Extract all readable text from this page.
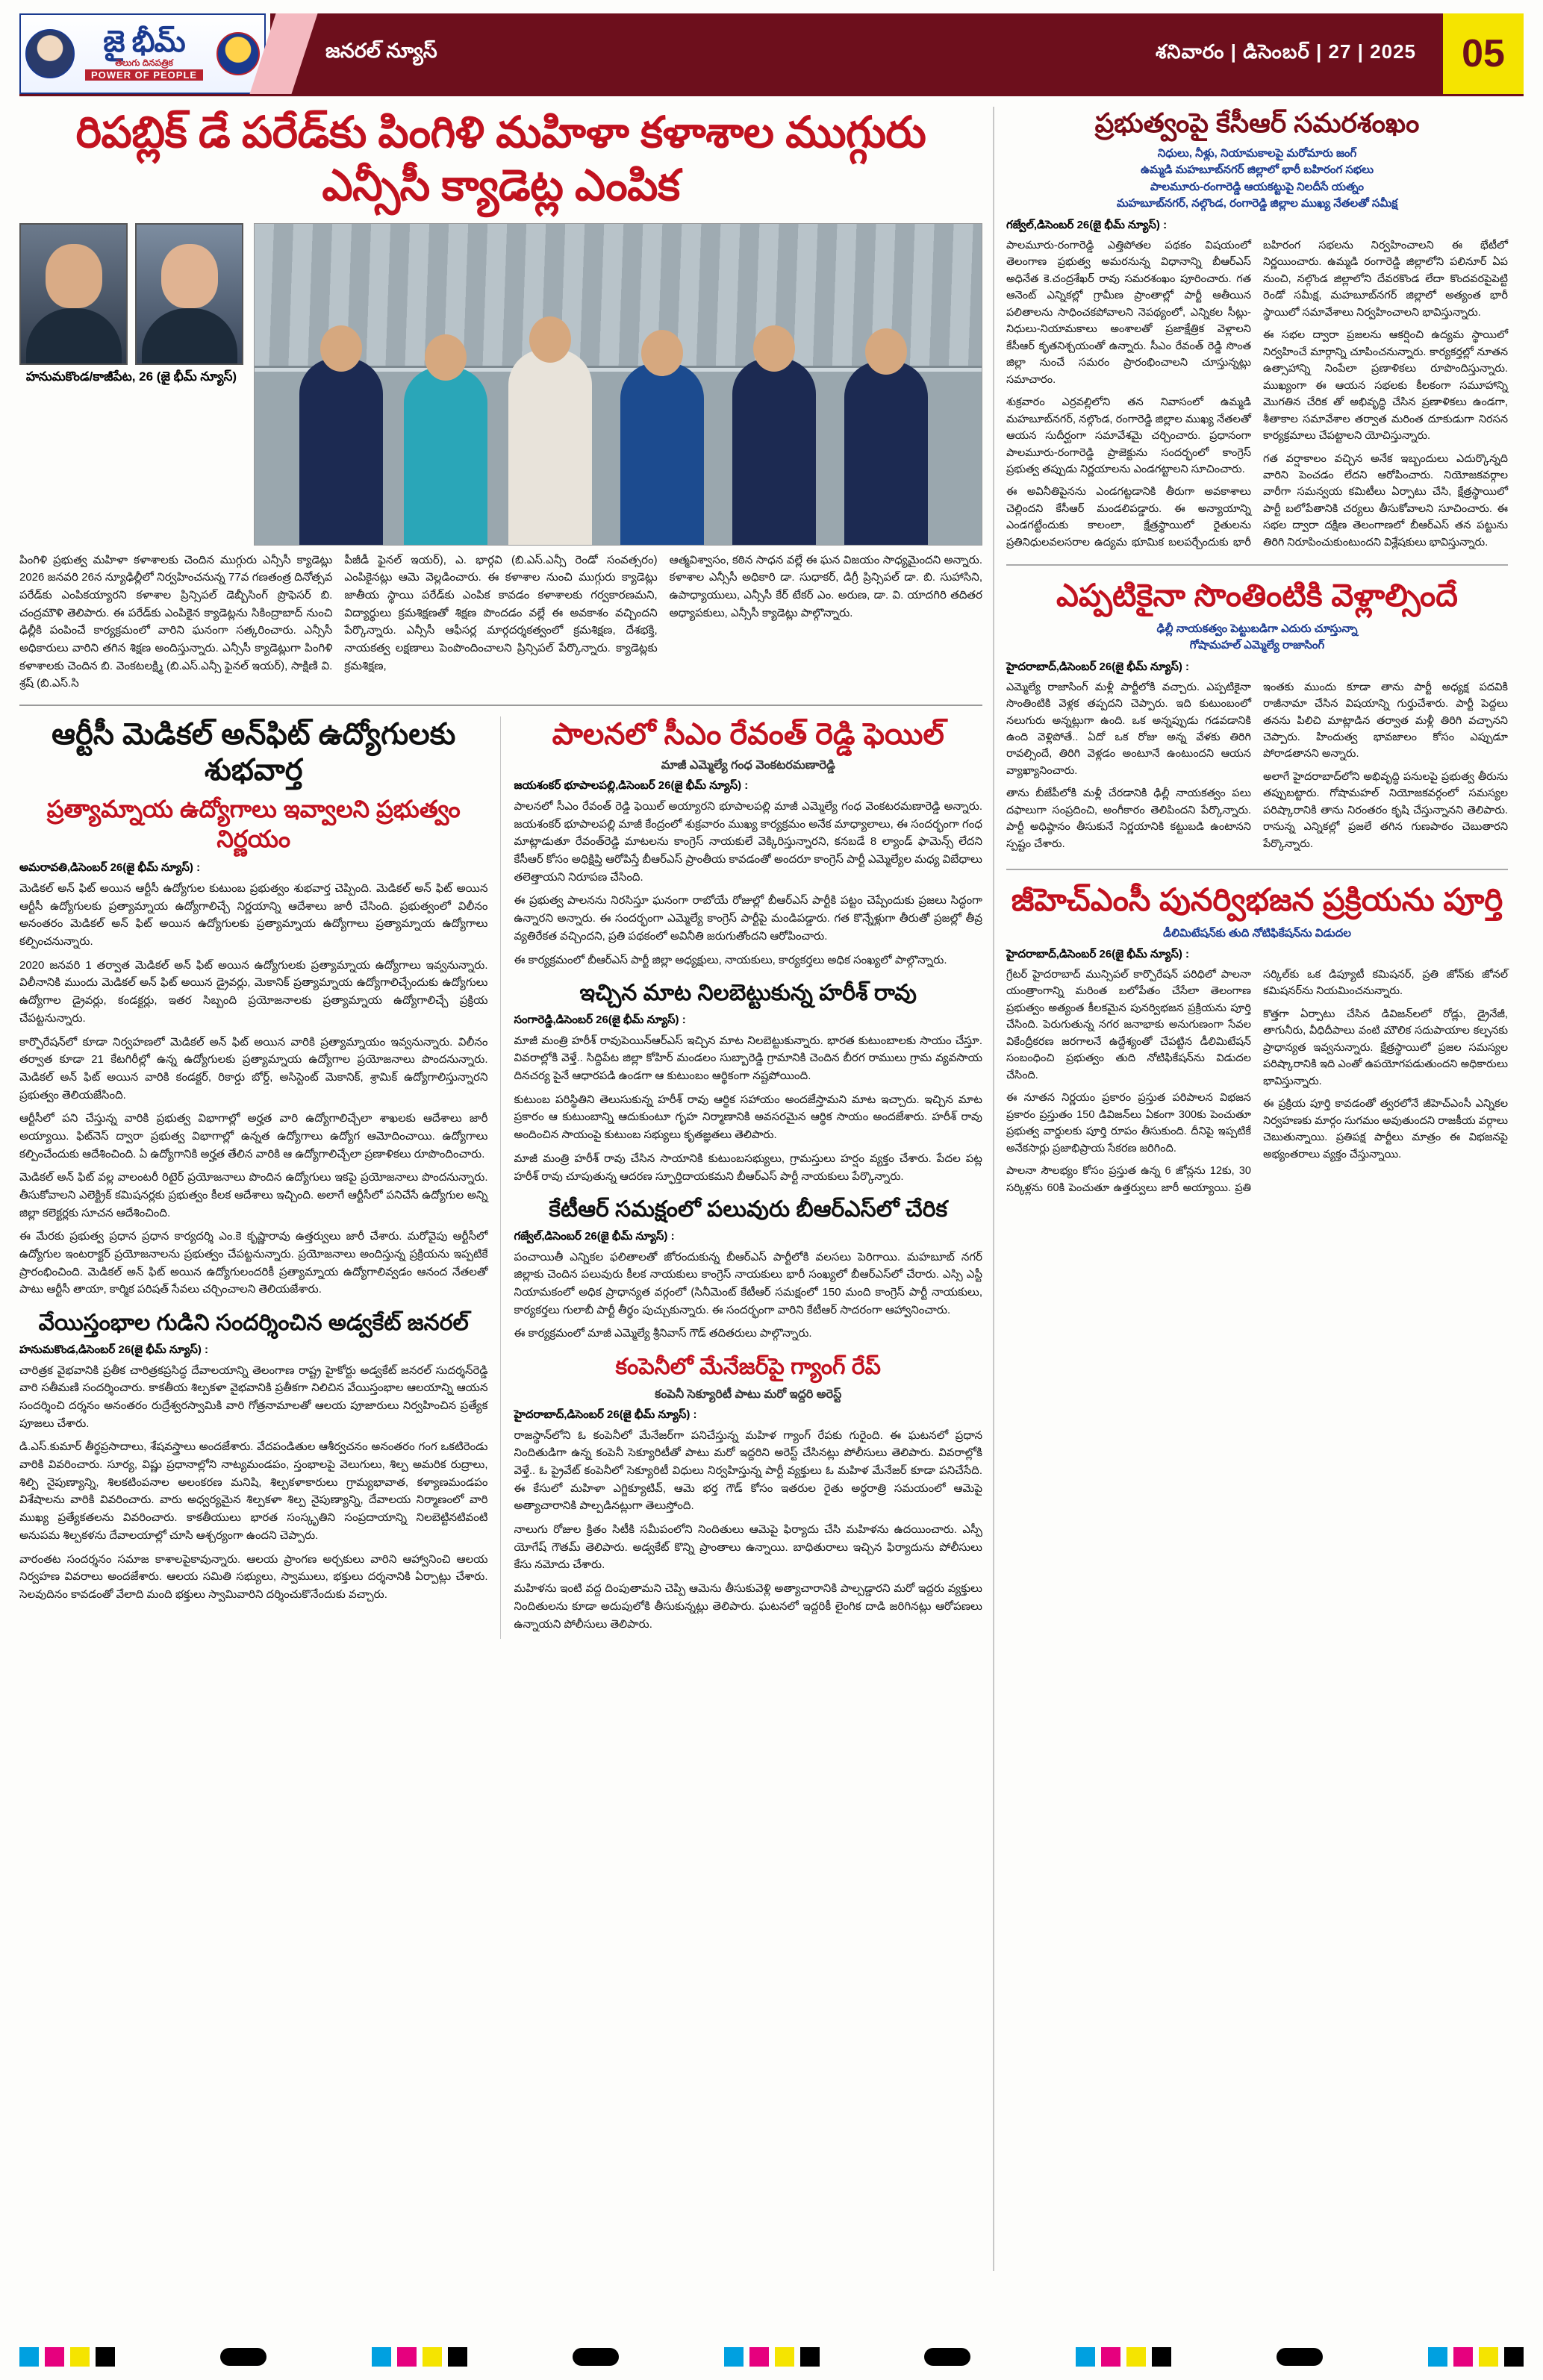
జై భీమ్
తెలుగు దినపత్రిక
POWER OF PEOPLE
జనరల్ న్యూస్	శనివారం | డిసెంబర్ | 27 | 2025	05
రిపబ్లిక్ డే పరేడ్‌కు పింగిళి మహిళా కళాశాల ముగ్గురు ఎన్సీసీ క్యాడెట్ల ఎంపిక
హనుమకొండ/కాజీపేట, 26 (జై భీమ్ న్యూస్)
పింగిళి ప్రభుత్వ మహిళా కళాశాలకు చెందిన ముగ్గురు ఎన్సీసీ క్యాడెట్లు 2026 జనవరి 26న న్యూఢిల్లీలో నిర్వహించనున్న 77వ గణతంత్ర దినోత్సవ పరేడ్‌కు ఎంపికయ్యారని కళాశాల ప్రిన్సిపల్ డెబ్బీసింగ్ ప్రొఫెసర్ బి. చంద్రమౌళి తెలిపారు. ఈ పరేడ్‌కు ఎంపికైన క్యాడెట్లను సికింద్రాబాద్ నుంచి ఢిల్లీకి పంపించే కార్యక్రమంలో వారిని ఘనంగా సత్కరించారు. ఎన్సీసీ అధికారులు వారిని తగిన శిక్షణ అందిస్తున్నారు. ఎన్సీసీ క్యాడెట్లుగా పింగిళి కళాశాలకు చెందిన బి. వెంకటలక్ష్మి (బి.ఎస్.ఎన్సీ ఫైనల్ ఇయర్), సాక్షిణి వి. శ్రష్ (బి.ఎస్.సి
పీజీడీ ఫైనల్ ఇయర్), ఎ. భార్గవి (బి.ఎస్.ఎన్సీ రెండో సంవత్సరం) ఎంపికైనట్లు ఆమె వెల్లడించారు. ఈ కళాశాల నుంచి ముగ్గురు క్యాడెట్లు జాతీయ స్థాయి పరేడ్‌కు ఎంపిక కావడం కళాశాలకు గర్వకారణమని, విద్యార్థులు క్రమశిక్షణతో శిక్షణ పొందడం వల్లే ఈ అవకాశం వచ్చిందని పేర్కొన్నారు. ఎన్సీసీ ఆఫీసర్ల మార్గదర్శకత్వంలో క్రమశిక్షణ, దేశభక్తి, నాయకత్వ లక్షణాలు పెంపొందించాలని ప్రిన్సిపల్ పేర్కొన్నారు. క్యాడెట్లకు క్రమశిక్షణ,
ఆత్మవిశ్వాసం, కఠిన సాధన వల్లే ఈ ఘన విజయం సాధ్యమైందని అన్నారు. కళాశాల ఎన్సీసీ అధికారి డా. సుధాకర్, డిగ్రీ ప్రిన్సిపల్ డా. బి. సుహాసిని, ఉపాధ్యాయులు, ఎన్సీసీ కేర్ టేకర్ ఎం. అరుణ, డా. వి. యాదగిరి తదితర అధ్యాపకులు, ఎన్సీసీ క్యాడెట్లు పాల్గొన్నారు.
ఆర్టీసీ మెడికల్ అన్‌ఫిట్ ఉద్యోగులకు శుభవార్త
ప్రత్యామ్నాయ ఉద్యోగాలు ఇవ్వాలని ప్రభుత్వం నిర్ణయం
అమరావతి,డిసెంబర్ 26(జై భీమ్ న్యూస్) :

మెడికల్ అన్ ఫిట్ అయిన ఆర్టీసీ ఉద్యోగుల కుటుంబ ప్రభుత్వం శుభవార్త చెప్పింది. మెడికల్ అన్ ఫిట్ అయిన ఆర్టీసీ ఉద్యోగులకు ప్రత్యామ్నాయ ఉద్యోగాలిచ్చే నిర్ణయాన్ని ఆదేశాలు జారీ చేసింది. ప్రభుత్వంలో విలీనం అనంతరం మెడికల్ అన్ ఫిట్ అయిన ఉద్యోగులకు ప్రత్యామ్నాయ ఉద్యోగాలు ప్రత్యామ్నాయ ఉద్యోగాలు కల్పించనున్నారు.

2020 జనవరి 1 తర్వాత మెడికల్ అన్ ఫిట్ అయిన ఉద్యోగులకు ప్రత్యామ్నాయ ఉద్యోగాలు ఇవ్వనున్నారు. విలీనానికి ముందు మెడికల్ అన్ ఫిట్ అయిన డ్రైవర్లు, మెకానిక్ ప్రత్యామ్నాయ ఉద్యోగాలిచ్చేందుకు ఉద్యోగులు ఉద్యోగాల డ్రైవర్లు, కండక్టర్లు, ఇతర సిబ్బంది ప్రయోజనాలకు ప్రత్యామ్నాయ ఉద్యోగాలిచ్చే ప్రక్రియ చేపట్టనున్నారు.

కార్పొరేషన్‌లో కూడా నిర్వహణలో మెడికల్ అన్ ఫిట్ అయిన వారికి ప్రత్యామ్నాయం ఇవ్వనున్నారు. విలీనం తర్వాత కూడా 21 కేటగిరీల్లో ఉన్న ఉద్యోగులకు ప్రత్యామ్నాయ ఉద్యోగాల ప్రయోజనాలు పొందనున్నారు. మెడికల్ అన్ ఫిట్ అయిన వారికి కండక్టర్, రికార్డు బోర్డ్, అసిస్టెంట్ మెకానిక్, శ్రామిక్ ఉద్యోగాలిస్తున్నారని ప్రభుత్వం తెలియజేసింది.

ఆర్టీసీలో పని చేస్తున్న వారికి ప్రభుత్వ విభాగాల్లో అర్హత వారి ఉద్యోగాలిచ్చేలా శాఖలకు ఆదేశాలు జారీ అయ్యాయి. ఫిట్‌నెస్ ద్వారా ప్రభుత్వ విభాగాల్లో ఉన్నత ఉద్యోగాలు ఉద్యోగ ఆమోదించాయి. ఉద్యోగాలు కల్పించేందుకు ఆదేశించింది. ఏ ఉద్యోగానికి అర్హత తేలిన వారికి ఆ ఉద్యోగాలిచ్చేలా ప్రణాళికలు రూపొందించారు.

మెడికల్ అన్ ఫిట్ వల్ల వాలంటరీ రిటైర్ ప్రయోజనాలు పొందిన ఉద్యోగులు ఇకపై ప్రయోజనాలు పొందనున్నారు. తీసుకోవాలని ఎలెక్ట్రిక్ కమిషనర్లకు ప్రభుత్వం కీలక ఆదేశాలు ఇచ్చింది. అలాగే ఆర్టీసీలో పనిచేసే ఉద్యోగుల అన్ని జిల్లా కలెక్టర్లకు సూచన ఆదేశించింది.

ఈ మేరకు ప్రభుత్వ ప్రధాన ప్రధాన కార్యదర్శి ఎం.కె కృష్ణారావు ఉత్తర్వులు జారీ చేశారు. మరోవైపు ఆర్టీసీలో ఉద్యోగుల ఇంటరాక్టర్ ప్రయోజనాలను ప్రభుత్వం చేపట్టనున్నారు. ప్రయోజనాలు అందిస్తున్న ప్రక్రియను ఇప్పటికే ప్రారంభించింది. మెడికల్ అన్ ఫిట్ అయిన ఉద్యోగులందరికీ ప్రత్యామ్నాయ ఉద్యోగాలివ్వడం ఆనంద నేతలతో పాటు ఆర్టీసీ తాయా, కార్మిక పరిషత్ సేవలు చర్చించాలని తెలియజేశారు.

వేయిస్తంభాల గుడిని సందర్శించిన అడ్వకేట్ జనరల్
హనుమకొండ,డిసెంబర్ 26(జై భీమ్ న్యూస్) :

చారిత్రక వైభవానికి ప్రతీక చారిత్రకప్రసిద్ధ దేవాలయాన్ని తెలంగాణ రాష్ట్ర హైకోర్టు అడ్వకేట్ జనరల్ సుదర్శన్‌రెడ్డి వారి సతీమణి సందర్శించారు. కాకతీయ శిల్పకళా వైభవానికి ప్రతీకగా నిలిచిన వేయిస్తంభాల ఆలయాన్ని ఆయన సందర్శించి దర్శనం అనంతరం రుద్రేశ్వరస్వామికి వారి గోత్రనామాలతో ఆలయ పూజారులు నిర్వహించిన ప్రత్యేక పూజలు చేశారు.

డి.ఎస్.కుమార్ తీర్థప్రసాదాలు, శేషవస్త్రాలు అందజేశారు. వేదపండితుల ఆశీర్వచనం అనంతరం గంగ ఒకటిరెండు వారికి వివరించారు. సూర్య, విష్ణు ప్రధానాల్లోని నాట్యమండపం, స్తంభాలపై వెలుగులు, శిల్ప అమరిక రుద్రాలు, శిల్పి నైపుణ్యాన్ని, శిలకటింపనాల అలంకరణ మనిషి, శిల్పకళాకారులు గ్రామ్యభావాత, కళ్యాణమండపం విశేషాలను వారికి వివరించారు. వారు అధ్వర్యమైన శిల్పకళా శిల్ప నైపుణ్యాన్ని, దేవాలయ నిర్మాణంలో వారి ముఖ్య ప్రత్యేకతలను వివరించారు. కాకతీయులు భారత సంస్కృతిని సంప్రదాయాన్ని నిలబెట్టినటివంటి అనుపమ శిల్పకళను దేవాలయాల్లో చూసి ఆశ్చర్యంగా ఉందని చెప్పారు.

వారంతట సందర్శనం సమాజ కాశాలపైకావున్నారు. ఆలయ ప్రాంగణ అర్చకులు వారిని ఆహ్వానించి ఆలయ నిర్వహణ వివరాలు అందజేశారు. ఆలయ సమితి సభ్యులు, స్వాములు, భక్తులు దర్శనానికి ఏర్పాట్లు చేశారు. సెలవుదినం కావడంతో వేలాది మంది భక్తులు స్వామివారిని దర్శించుకొనేందుకు వచ్చారు.

పాలనలో సీఎం రేవంత్ రెడ్డి ఫెయిల్
మాజీ ఎమ్మెల్యే గంధ వెంకటరమణారెడ్డి
జయశంకర్ భూపాలపల్లి,డిసెంబర్ 26(జై భీమ్ న్యూస్) :

పాలనలో సీఎం రేవంత్ రెడ్డి ఫెయిల్ అయ్యారని భూపాలపల్లి మాజీ ఎమ్మెల్యే గంధ వెంకటరమణారెడ్డి అన్నారు. జయశంకర్ భూపాలపల్లి మాజీ కేంద్రంలో శుక్రవారం ముఖ్య కార్యక్రమం అనేక మాధ్యాలాలు, ఈ సందర్భంగా గంధ మాట్లాడుతూ రేవంత్‌రెడ్డి మాటలను కాంగ్రెస్ నాయకులే వెక్కిరిస్తున్నారని, కనబడే 8 ల్యాండ్ ఫామెన్స్ లేదని కేసీఆర్ కోసం అధిక్షిప్తి ఆరోపిస్తే బీఆర్ఎస్ ప్రాంతీయ కావడంతో అందరూ కాంగ్రెస్ పార్టీ ఎమ్మెల్యేల మధ్య విబేధాలు తలెత్తాయని నిరూపణ చేసింది.

ఈ ప్రభుత్వ పాలనను నిరసిస్తూ ఘనంగా రాబోయే రోజుల్లో బీఆర్ఎస్ పార్టీకి పట్టం చెప్పేందుకు ప్రజలు సిద్ధంగా ఉన్నారని అన్నారు. ఈ సందర్భంగా ఎమ్మెల్యే కాంగ్రెస్ పార్టీపై మండిపడ్డారు. గత కొన్నేళ్లుగా తీరుతో ప్రజల్లో తీవ్ర వ్యతిరేకత వచ్చిందని, ప్రతి పథకంలో అవినీతి జరుగుతోందని ఆరోపించారు.

ఈ కార్యక్రమంలో బీఆర్ఎస్ పార్టీ జిల్లా అధ్యక్షులు, నాయకులు, కార్యకర్తలు అధిక సంఖ్యలో పాల్గొన్నారు.

ఇచ్చిన మాట నిలబెట్టుకున్న హరీశ్ రావు
సంగారెడ్డి,డిసెంబర్ 26(జై భీమ్ న్యూస్) :

మాజీ మంత్రి హరీశ్ రావుపెయిన్ఆర్ఎస్ ఇచ్చిన మాట నిలబెట్టుకున్నారు. భారత కుటుంబాలకు సాయం చేస్తూ. వివరాల్లోకి వెళ్తే.. సిద్దిపేట జిల్లా కోహిర్ మండలం సుబ్బారెడ్డి గ్రామానికి చెందిన బీరగ రాములు గ్రామ వ్యవసాయ దినచర్య పైనే ఆధారపడి ఉండగా ఆ కుటుంబం ఆర్థికంగా నష్టపోయింది.

కుటుంబ పరిస్థితిని తెలుసుకున్న హరీశ్ రావు ఆర్థిక సహాయం అందజేస్తామని మాట ఇచ్చారు. ఇచ్చిన మాట ప్రకారం ఆ కుటుంబాన్ని ఆదుకుంటూ గృహ నిర్మాణానికి అవసరమైన ఆర్థిక సాయం అందజేశారు. హరీశ్ రావు అందించిన సాయంపై కుటుంబ సభ్యులు కృతజ్ఞతలు తెలిపారు.

మాజీ మంత్రి హరీశ్ రావు చేసిన సాయానికి కుటుంబసభ్యులు, గ్రామస్తులు హర్షం వ్యక్తం చేశారు. పేదల పట్ల హరీశ్ రావు చూపుతున్న ఆదరణ స్ఫూర్తిదాయకమని బీఆర్ఎస్ పార్టీ నాయకులు పేర్కొన్నారు.

కేటీఆర్ సమక్షంలో పలువురు బీఆర్ఎస్‌లో చేరిక
గజ్వేల్,డిసెంబర్ 26(జై భీమ్ న్యూస్) :

పంచాయితీ ఎన్నికల ఫలితాలతో జోరందుకున్న బీఆర్ఎస్ పార్టీలోకి వలసలు పెరిగాయి. మహబూబ్ నగర్ జిల్లాకు చెందిన పలువురు కీలక నాయకులు కాంగ్రెస్ నాయకులు భారీ సంఖ్యలో బీఆర్ఎస్‌లో చేరారు. ఎస్సి ఎస్టీ నియామకంలో అధిక ప్రాధాన్యత వర్గంలో (సినీమెంట్ కేటీఆర్ సమక్షంలో 150 మంది కాంగ్రెస్ పార్టీ నాయకులు, కార్యకర్తలు గులాబీ పార్టీ తీర్థం పుచ్చుకున్నారు. ఈ సందర్భంగా వారిని కేటీఆర్ సాదరంగా ఆహ్వానించారు.

ఈ కార్యక్రమంలో మాజీ ఎమ్మెల్యే శ్రీనివాస్ గౌడ్ తదితరులు పాల్గొన్నారు.

కంపెనీలో మేనేజర్‌పై గ్యాంగ్ రేప్
కంపెనీ సెక్యూరిటీ పాటు మరో ఇద్దరి అరెస్ట్
హైదరాబాద్,డిసెంబర్ 26(జై భీమ్ న్యూస్) :

రాజస్థాన్‌లోని ఓ కంపెనీలో మేనేజర్‌గా పనిచేస్తున్న మహిళ గ్యాంగ్ రేపకు గురైంది. ఈ ఘటనలో ప్రధాన నిందితుడిగా ఉన్న కంపెనీ సెక్యూరిటీతో పాటు మరో ఇద్దరిని అరెస్ట్ చేసినట్లు పోలీసులు తెలిపారు. వివరాల్లోకి వెళ్తే.. ఓ ప్రైవేట్ కంపెనీలో సెక్యూరిటీ విధులు నిర్వహిస్తున్న పార్టీ వ్యక్తులు ఓ మహిళ మేనేజర్ కూడా పనిచేసేది. ఈ కేసులో మహిళా ఎగ్జిక్యూటివ్, ఆమె భర్త గౌడ్ కోసం ఇతరుల రైతు అర్థరాత్రి సమయంలో ఆమెపై అత్యాచారానికి పాల్పడినట్లుగా తెలుస్తోంది.

నాలుగు రోజుల క్రితం సిటీకి సమీపంలోని నిందితులు ఆమెపై ఫిర్యాదు చేసి మహిళను ఉదయించారు. ఎస్పీ యోగేష్ గౌతమ్ తెలిపారు. అడ్వకేట్ కొన్ని ప్రాంతాలు ఉన్నాయి. బాధితురాలు ఇచ్చిన ఫిర్యాదును పోలీసులు కేసు నమోదు చేశారు.

మహిళను ఇంటి వద్ద దింపుతామని చెప్పి ఆమెను తీసుకువెళ్లి అత్యాచారానికి పాల్పడ్డారని మరో ఇద్దరు వ్యక్తులు నిందితులను కూడా అదుపులోకి తీసుకున్నట్లు తెలిపారు. ఘటనలో ఇద్దరికీ లైంగిక దాడి జరిగినట్లు ఆరోపణలు ఉన్నాయని పోలీసులు తెలిపారు.

ప్రభుత్వంపై కేసీఆర్ సమరశంఖం
నిధులు, నీళ్లు, నియామకాలపై మరోమారు జంగ్
ఉమ్మడి మహబూబ్‌నగర్ జిల్లాలో భారీ బహిరంగ సభలు
పాలమూరు-రంగారెడ్డి ఆయకట్టుపై నిలదీసే యత్నం
మహబూబ్‌నగర్, నల్గొండ, రంగారెడ్డి జిల్లాల ముఖ్య నేతలతో సమీక్ష
గజ్వేల్,డిసెంబర్ 26(జై భీమ్ న్యూస్) :

పాలమూరు-రంగారెడ్డి ఎత్తిపోతల పథకం విషయంలో తెలంగాణ ప్రభుత్వ అమరనున్న విధానాన్ని బీఆర్ఎస్ అధినేత కె.చంద్రశేఖర్ రావు సమరశంఖం పూరించారు. గత ఆనెంట్ ఎన్నికల్లో గ్రామీణ ప్రాంతాల్లో పార్టీ ఆతీయిన పలితాలను సాధించకపోవాలని నెపథ్యంలో, ఎన్నికల సీట్లు-నిధులు-నియామకాలు అంశాలతో ప్రజాక్షేత్రిక వెళ్లాలని కేసీఆర్ కృతనిశ్చయంతో ఉన్నారు. సీఎం రేవంత్ రెడ్డి సొంత జిల్లా నుంచే సమరం ప్రారంభించాలని చూస్తున్నట్లు సమాచారం.

శుక్రవారం ఎర్రవల్లిలోని తన నివాసంలో ఉమ్మడి మహబూబ్‌నగర్, నల్గొండ, రంగారెడ్డి జిల్లాల ముఖ్య నేతలతో ఆయన సుదీర్ఘంగా సమావేశమై చర్చించారు. ప్రధానంగా పాలమూరు-రంగారెడ్డి ప్రాజెక్టును సందర్భంలో కాంగ్రెస్ ప్రభుత్వ తప్పుడు నిర్ణయాలను ఎండగట్టాలని సూచించారు.

ఈ అవినీతిపైనను ఎండగట్టడానికి తీరుగా అవకాశాలు చెల్లిందని కేసీఆర్ మండలిపడ్డారు. ఈ అన్యాయాన్ని ఎండగట్టేందుకు కాలంలా, క్షేత్రస్థాయిలో రైతులను ప్రతినిధులవలసరాల ఉద్యమ భూమిక బలపర్చేందుకు భారీ బహిరంగ సభలను నిర్వహించాలని ఈ భేటీలో నిర్ణయించారు. ఉమ్మడి రంగారెడ్డి జిల్లాలోని పలినూర్ ఏప నుంచి, నల్గొండ జిల్లాలోని దేవరకొండ లేదా కొందవరపైపెట్టి రెండో సమీక్ష, మహబూబ్‌నగర్ జిల్లాలో అత్యంత భారీ స్థాయిలో సమావేశాలు నిర్వహించాలని భావిస్తున్నారు.

ఈ సభల ద్వారా ప్రజలను ఆకర్షించి ఉద్యమ స్థాయిలో నిర్వహించే మార్గాన్ని చూపించనున్నారు. కార్యకర్తల్లో నూతన ఉత్సాహాన్ని నింపేలా ప్రణాళికలు రూపొందిస్తున్నారు. ముఖ్యంగా ఈ ఆయన సభలకు కీలకంగా సమూహాన్ని మొగతిన చేరిక తో అభివృద్ధి చేసిన ప్రణాళికలు ఉండగా, శీతాకాల సమావేశాల తర్వాత మరింత దూకుడుగా నిరసన కార్యక్రమాలు చేపట్టాలని యోచిస్తున్నారు.

గత వర్షాకాలం వచ్చిన అనేక ఇబ్బందులు ఎదుర్కొన్నది వారిని పెంచడం లేదని ఆరోపించారు. నియోజకవర్గాల వారీగా సమన్వయ కమిటీలు ఏర్పాటు చేసి, క్షేత్రస్థాయిలో పార్టీ బలోపేతానికి చర్యలు తీసుకోవాలని సూచించారు. ఈ సభల ద్వారా దక్షిణ తెలంగాణలో బీఆర్ఎస్ తన పట్టును తిరిగి నిరూపించుకుంటుందని విశ్లేషకులు భావిస్తున్నారు.

ఎప్పటికైనా సొంతింటికి వెళ్లాల్సిందే
ఢిల్లీ నాయకత్వం పెట్టుబడిగా ఎదురు చూస్తున్నా
గోషామహల్ ఎమ్మెల్యే రాజాసింగ్
హైదరాబాద్,డిసెంబర్ 26(జై భీమ్ న్యూస్) :

ఎమ్మెల్యే రాజాసింగ్ మళ్లీ పార్టీలోకి వచ్చారు. ఎప్పటికైనా సొంతింటికి వెళ్లక తప్పదని చెప్పారు. ఇది కుటుంబంలో నలుగురు అన్నట్లుగా ఉంది. ఒక అన్నప్పుడు గడవడానికి ఉంది వెళ్లిపోతే.. ఏదో ఒక రోజు అన్న వేళకు తిరిగి రావల్సిందే, తిరిగి వెళ్లడం అంటూనే ఉంటుందని ఆయన వ్యాఖ్యానించారు.

తాను బీజేపీలోకి మళ్లీ చేరడానికి ఢిల్లీ నాయకత్వం పలు దఫాలుగా సంప్రదించి, అంగీకారం తెలిపిందని పేర్కొన్నారు. పార్టీ అధిష్ఠానం తీసుకునే నిర్ణయానికి కట్టుబడి ఉంటానని స్పష్టం చేశారు.

ఇంతకు ముందు కూడా తాను పార్టీ అధ్యక్ష పదవికి రాజీనామా చేసిన విషయాన్ని గుర్తుచేశారు. పార్టీ పెద్దలు తనను పిలిచి మాట్లాడిన తర్వాత మళ్లీ తిరిగి వచ్చానని చెప్పారు. హిందుత్వ భావజాలం కోసం ఎప్పుడూ పోరాడతానని అన్నారు.

అలాగే హైదరాబాద్‌లోని అభివృద్ధి పనులపై ప్రభుత్వ తీరును తప్పుబట్టారు. గోషామహల్ నియోజకవర్గంలో సమస్యల పరిష్కారానికి తాను నిరంతరం కృషి చేస్తున్నానని తెలిపారు. రానున్న ఎన్నికల్లో ప్రజలే తగిన గుణపాఠం చెబుతారని పేర్కొన్నారు.

జీహెచ్ఎంసీ పునర్విభజన ప్రక్రియను పూర్తి
డీలిమిటేషన్‌కు తుది నోటిఫికేషన్‌ను విడుదల
హైదరాబాద్,డిసెంబర్ 26(జై భీమ్ న్యూస్) :

గ్రేటర్ హైదరాబాద్ మున్సిపల్ కార్పొరేషన్ పరిధిలో పాలనా యంత్రాంగాన్ని మరింత బలోపేతం చేసేలా తెలంగాణ ప్రభుత్వం అత్యంత కీలకమైన పునర్విభజన ప్రక్రియను పూర్తి చేసింది. పెరుగుతున్న నగర జనాభాకు అనుగుణంగా సేవల వికేంద్రీకరణ జరగాలనే ఉద్దేశ్యంతో చేపట్టిన డీలిమిటేషన్ సంబంధించి ప్రభుత్వం తుది నోటిఫికేషన్‌ను విడుదల చేసింది.

ఈ నూతన నిర్ణయం ప్రకారం ప్రస్తుత పరిపాలన విభజన ప్రకారం ప్రస్తుతం 150 డివిజన్‌లు ఏకంగా 300కు పెంచుతూ ప్రభుత్వ వార్డులకు పూర్తి రూపం తీసుకుంది. దీనిపై ఇప్పటికే అనేకసార్లు ప్రజాభిప్రాయ సేకరణ జరిగింది.

పాలనా సౌలభ్యం కోసం ప్రస్తుత ఉన్న 6 జోన్లను 12కు, 30 సర్కిళ్లను 60కి పెంచుతూ ఉత్తర్వులు జారీ అయ్యాయి. ప్రతి సర్కిల్‌కు ఒక డిప్యూటీ కమిషనర్, ప్రతి జోన్‌కు జోనల్ కమిషనర్‌ను నియమించనున్నారు.

కొత్తగా ఏర్పాటు చేసిన డివిజన్‌లలో రోడ్లు, డ్రైనేజీ, తాగునీరు, వీధిదీపాలు వంటి మౌలిక సదుపాయాల కల్పనకు ప్రాధాన్యత ఇవ్వనున్నారు. క్షేత్రస్థాయిలో ప్రజల సమస్యల పరిష్కారానికి ఇది ఎంతో ఉపయోగపడుతుందని అధికారులు భావిస్తున్నారు.

ఈ ప్రక్రియ పూర్తి కావడంతో త్వరలోనే జీహెచ్ఎంసీ ఎన్నికల నిర్వహణకు మార్గం సుగమం అవుతుందని రాజకీయ వర్గాలు చెబుతున్నాయి. ప్రతిపక్ష పార్టీలు మాత్రం ఈ విభజనపై అభ్యంతరాలు వ్యక్తం చేస్తున్నాయి.
